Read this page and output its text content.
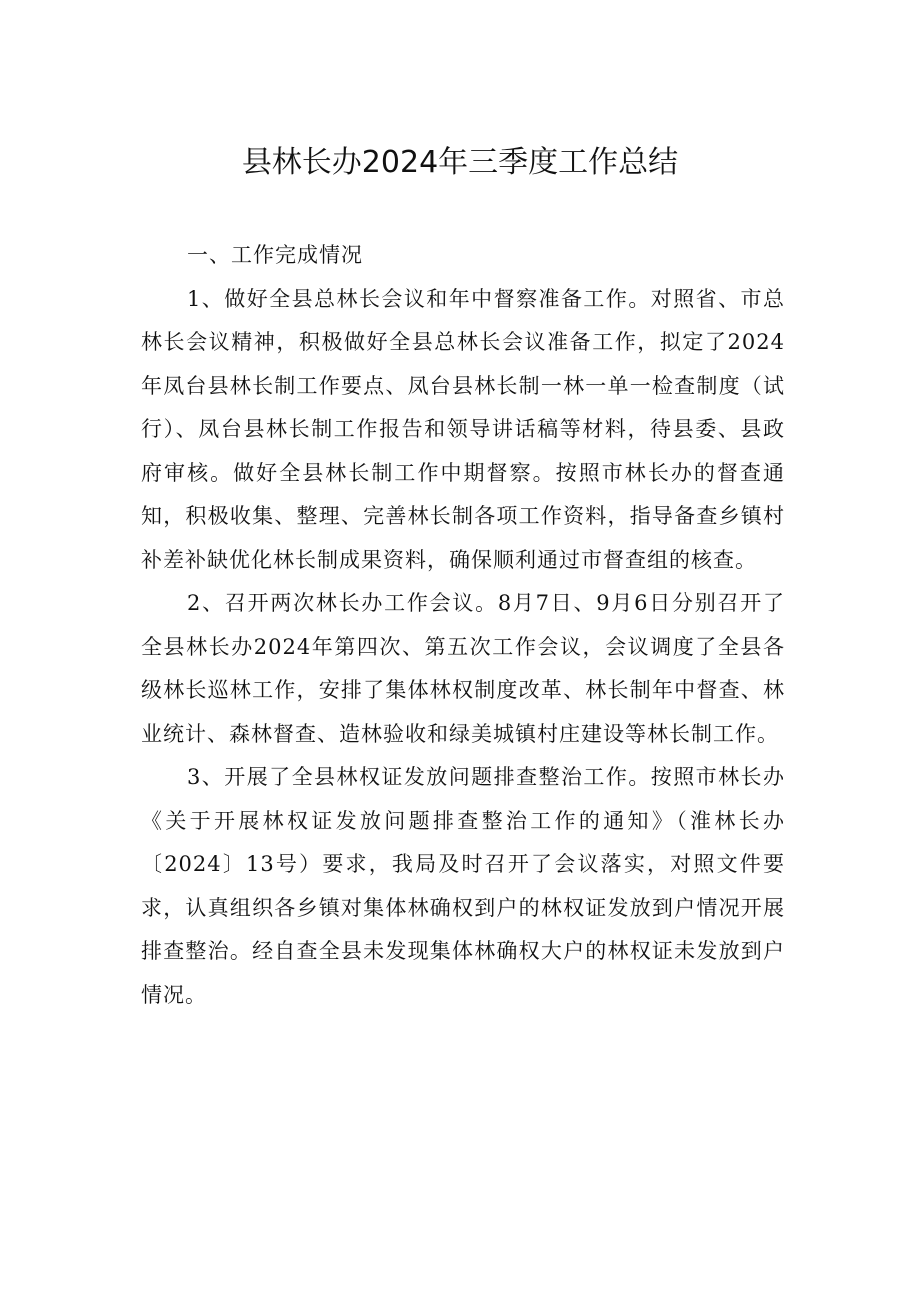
县林长办2024年三季度工作总结

一、工作完成情况

1、做好全县总林长会议和年中督察准备工作。对照省、市总林长会议精神，积极做好全县总林长会议准备工作，拟定了2024年凤台县林长制工作要点、凤台县林长制一林一单一检查制度（试行）、凤台县林长制工作报告和领导讲话稿等材料，待县委、县政府审核。做好全县林长制工作中期督察。按照市林长办的督查通知，积极收集、整理、完善林长制各项工作资料，指导备查乡镇村补差补缺优化林长制成果资料，确保顺利通过市督查组的核查。

2、召开两次林长办工作会议。8月7日、9月6日分别召开了全县林长办2024年第四次、第五次工作会议，会议调度了全县各级林长巡林工作，安排了集体林权制度改革、林长制年中督查、林业统计、森林督查、造林验收和绿美城镇村庄建设等林长制工作。

3、开展了全县林权证发放问题排查整治工作。按照市林长办《关于开展林权证发放问题排查整治工作的通知》（淮林长办〔2024〕13号）要求，我局及时召开了会议落实，对照文件要求，认真组织各乡镇对集体林确权到户的林权证发放到户情况开展排查整治。经自查全县未发现集体林确权大户的林权证未发放到户情况。
